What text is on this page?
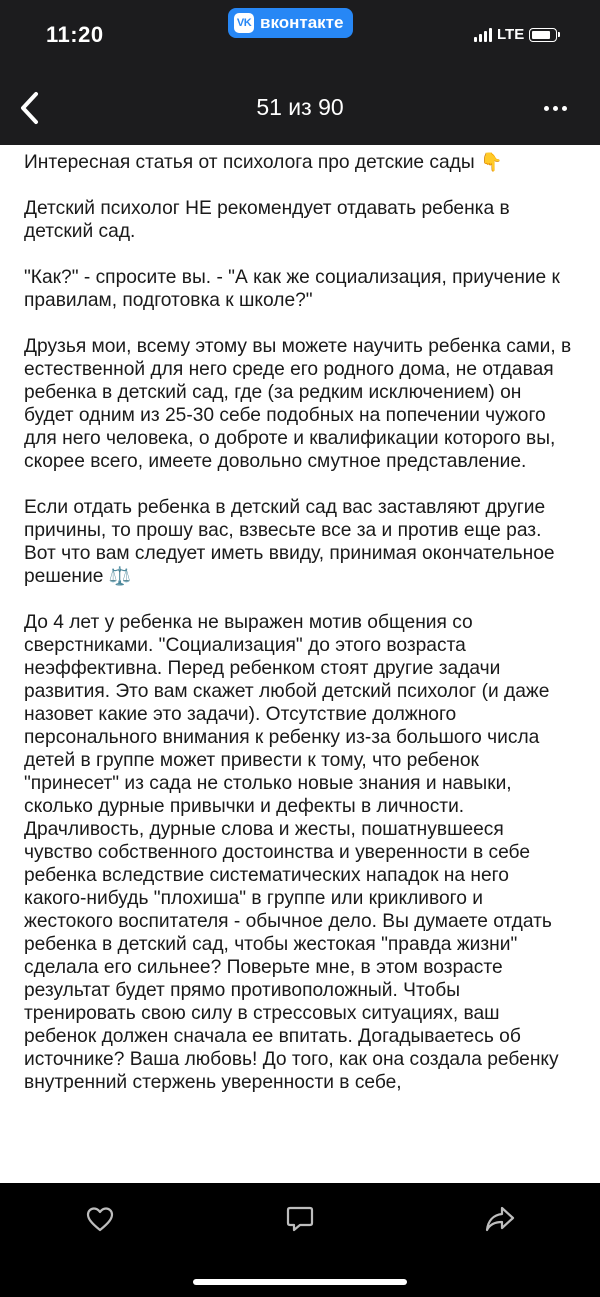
11:20	VK вконтакте
LTE
51 из 90

Интересная статья от психолога про детские сады 👇

Детский психолог НЕ рекомендует отдавать ребенка в детский сад.

"Как?" - спросите вы. - "А как же социализация, приучение к правилам, подготовка к школе?"

Друзья мои, всему этому вы можете научить ребенка сами, в естественной для него среде его родного дома, не отдавая ребенка в детский сад, где (за редким исключением) он будет одним из 25-30 себе подобных на попечении чужого для него человека, о доброте и квалификации которого вы, скорее всего, имеете довольно смутное представление.

Если отдать ребенка в детский сад вас заставляют другие причины, то прошу вас, взвесьте все за и против еще раз. Вот что вам следует иметь ввиду, принимая окончательное решение ⚖️

До 4 лет у ребенка не выражен мотив общения со сверстниками. "Социализация" до этого возраста неэффективна. Перед ребенком стоят другие задачи развития. Это вам скажет любой детский психолог (и даже назовет какие это задачи). Отсутствие должного персонального внимания к ребенку из-за большого числа детей в группе может привести к тому, что ребенок "принесет" из сада не столько новые знания и навыки, сколько дурные привычки и дефекты в личности. Драчливость, дурные слова и жесты, пошатнувшееся чувство собственного достоинства и уверенности в себе ребенка вследствие систематических нападок на него какого-нибудь "плохиша" в группе или крикливого и жестокого воспитателя - обычное дело. Вы думаете отдать ребенка в детский сад, чтобы жестокая "правда жизни" сделала его сильнее? Поверьте мне, в этом возрасте результат будет прямо противоположный. Чтобы тренировать свою силу в стрессовых ситуациях, ваш ребенок должен сначала ее впитать. Догадываетесь об источнике? Ваша любовь! До того, как она создала ребенку внутренний стержень уверенности в себе,
